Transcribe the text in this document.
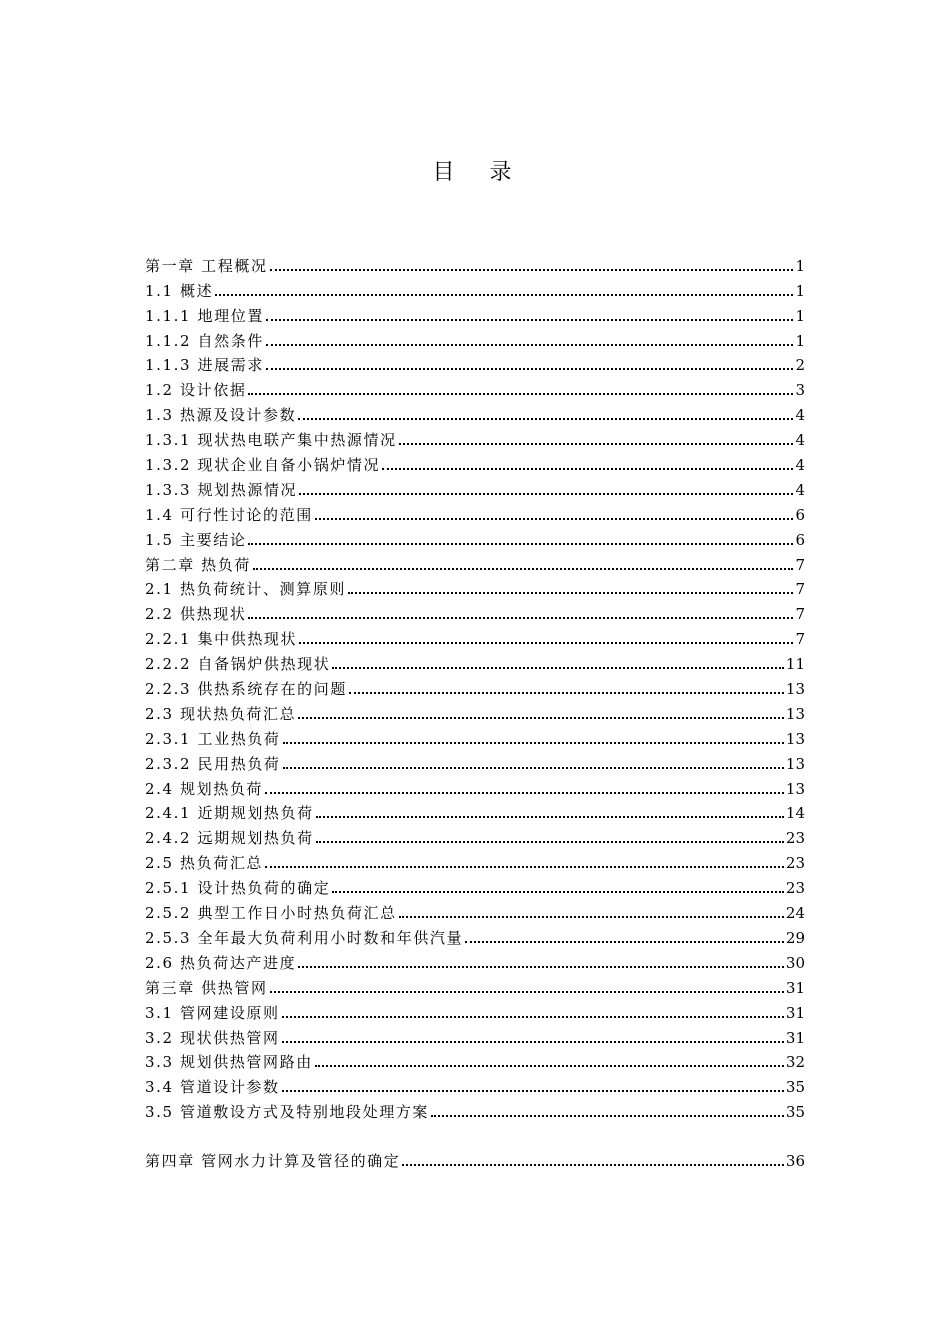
目 录
第一章 工程概况	1
1.1 概述	1
1.1.1 地理位置	1
1.1.2 自然条件	1
1.1.3 进展需求	2
1.2 设计依据	3
1.3 热源及设计参数	4
1.3.1 现状热电联产集中热源情况	4
1.3.2 现状企业自备小锅炉情况	4
1.3.3 规划热源情况	4
1.4 可行性讨论的范围	6
1.5 主要结论	6
第二章 热负荷	7
2.1 热负荷统计、测算原则	7
2.2 供热现状	7
2.2.1 集中供热现状	7
2.2.2 自备锅炉供热现状	11
2.2.3 供热系统存在的问题	13
2.3 现状热负荷汇总	13
2.3.1 工业热负荷	13
2.3.2 民用热负荷	13
2.4 规划热负荷	13
2.4.1 近期规划热负荷	14
2.4.2 远期规划热负荷	23
2.5 热负荷汇总	23
2.5.1 设计热负荷的确定	23
2.5.2 典型工作日小时热负荷汇总	24
2.5.3 全年最大负荷利用小时数和年供汽量	29
2.6 热负荷达产进度	30
第三章 供热管网	31
3.1 管网建设原则	31
3.2 现状供热管网	31
3.3 规划供热管网路由	32
3.4 管道设计参数	35
3.5 管道敷设方式及特别地段处理方案	35
第四章 管网水力计算及管径的确定	36
